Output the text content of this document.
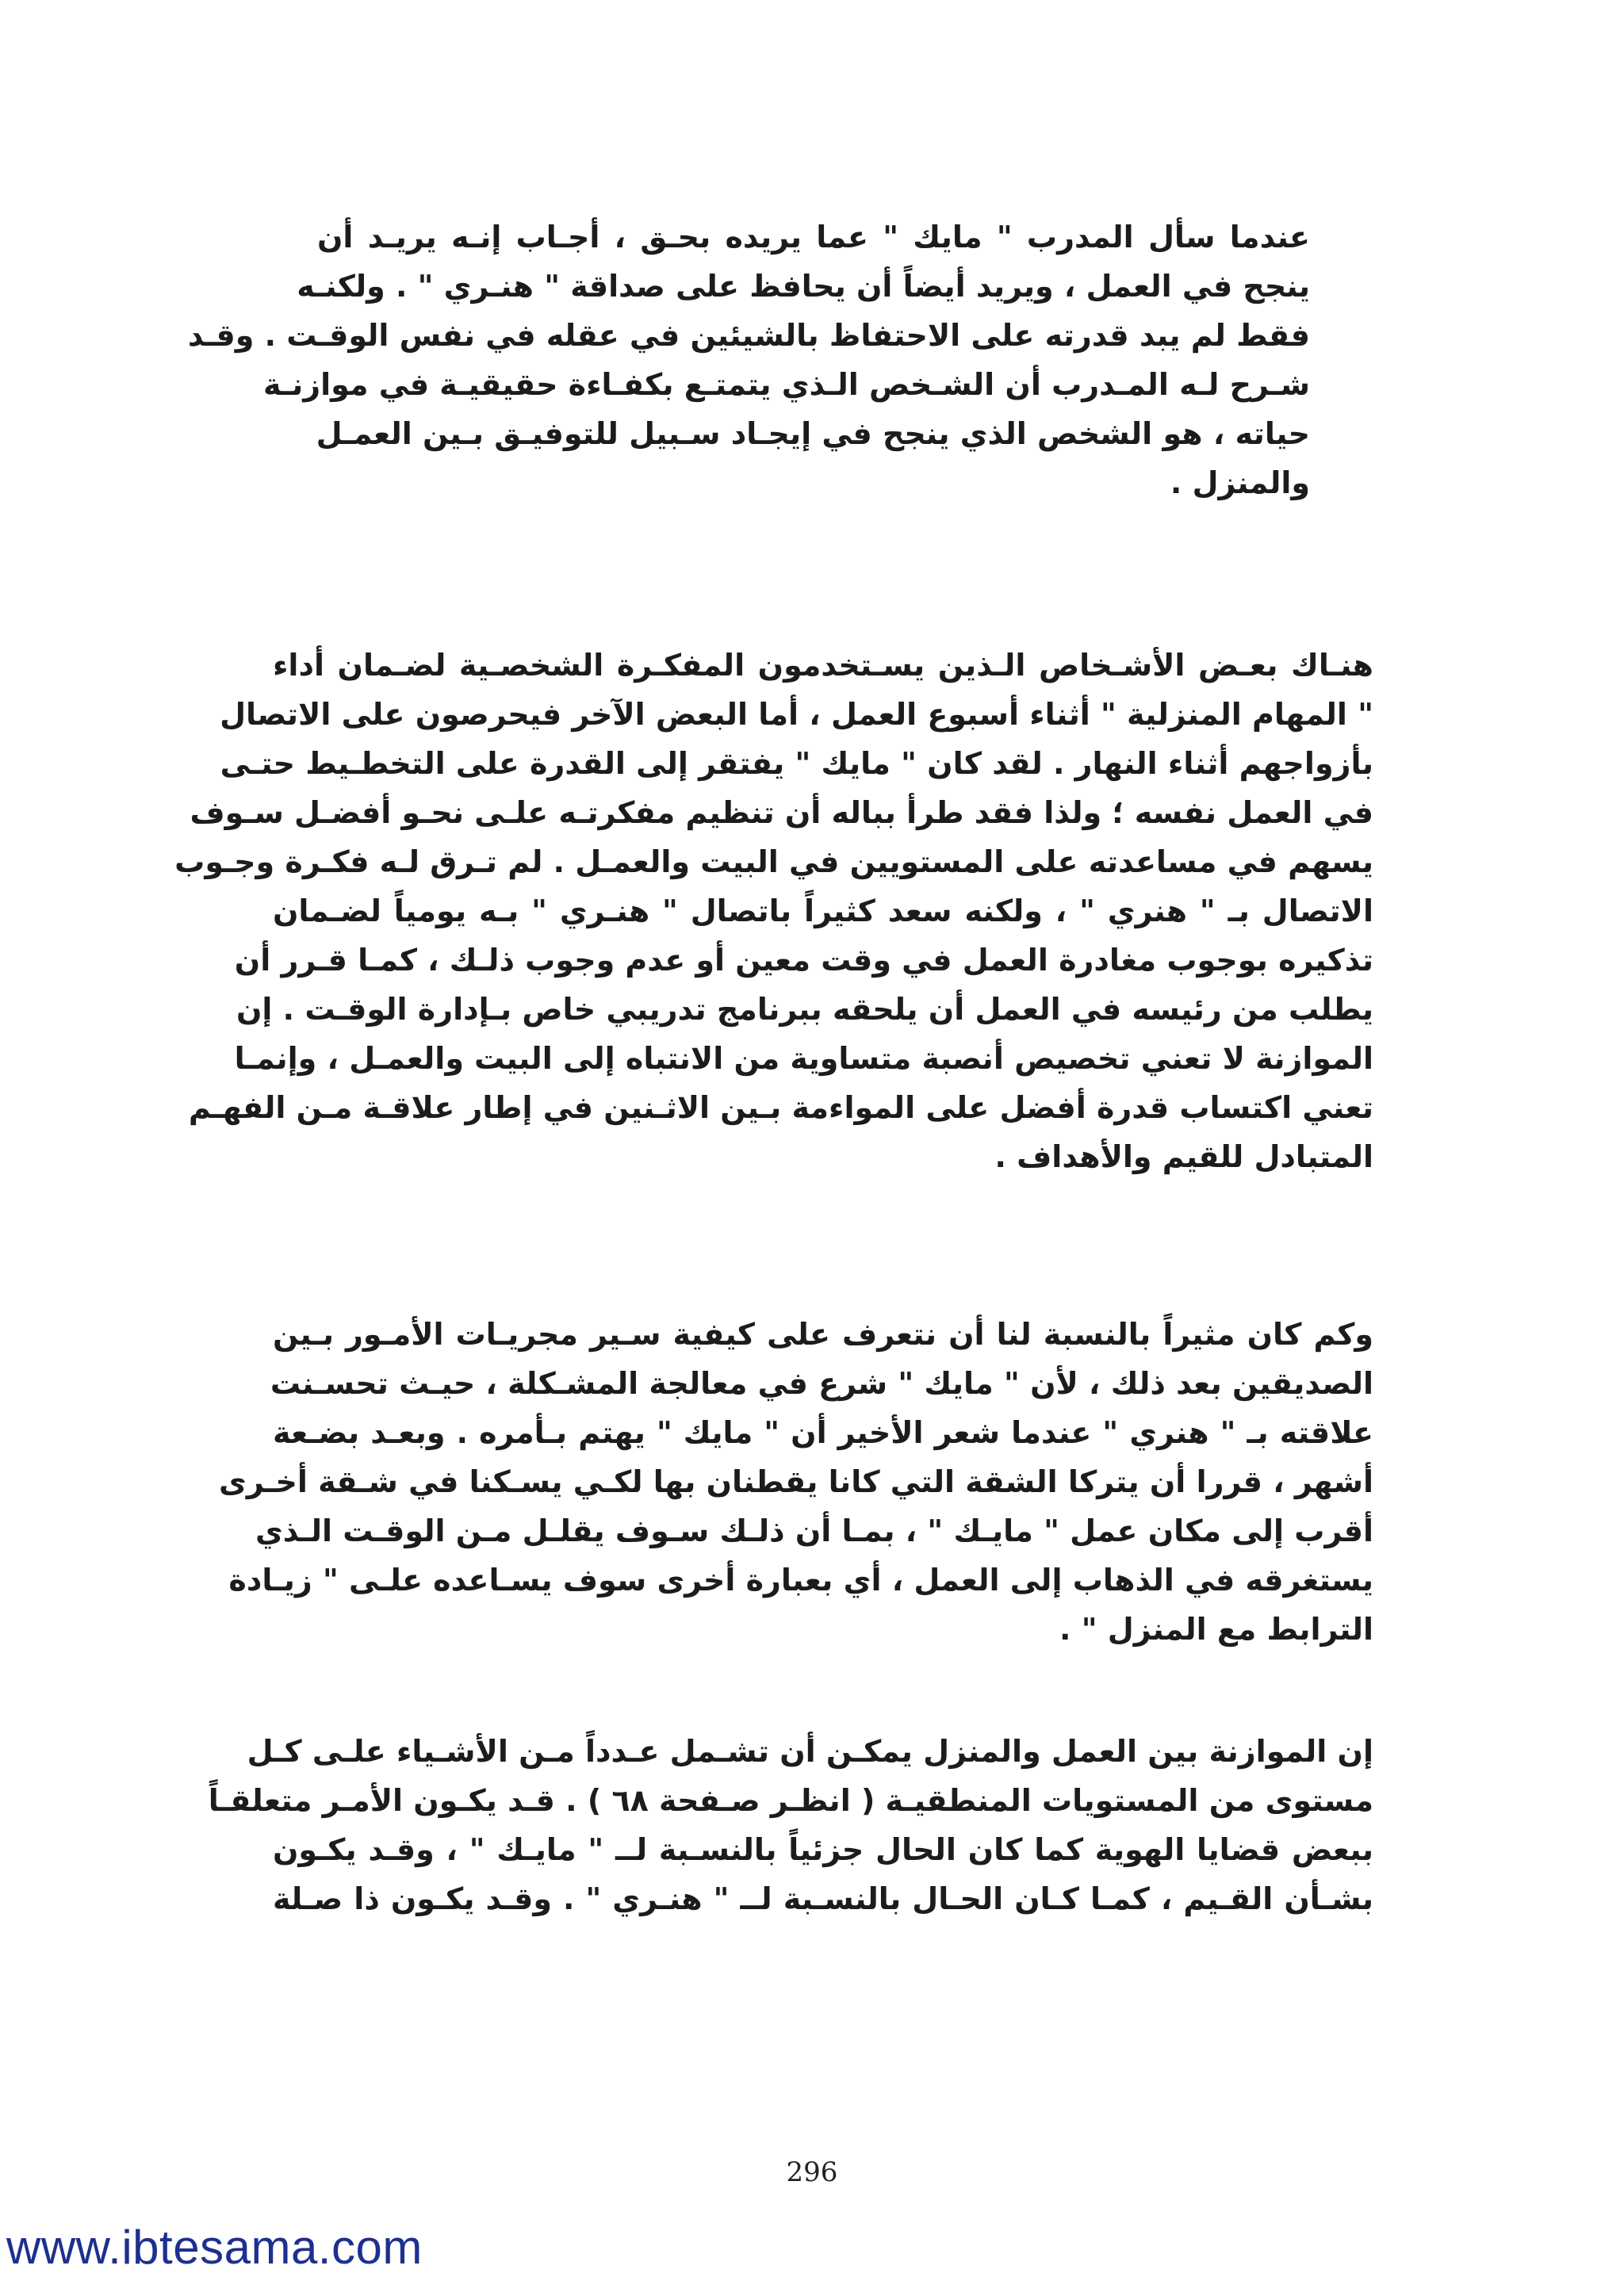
عندما سأل المدرب " مايك " عما يريده بحـق ، أجـاب إنـه يريـد أن
ينجح في العمل ، ويريد أيضاً أن يحافظ على صداقة " هنـري " . ولكنـه
فقط لم يبد قدرته على الاحتفاظ بالشيئين في عقله في نفس الوقـت . وقـد
شـرح لـه المـدرب أن الشـخص الـذي يتمتـع بكفـاءة حقيقيـة في موازنـة
حياته ، هو الشخص الذي ينجح في إيجـاد سـبيل للتوفيـق بـين العمـل
والمنزل .
هنـاك بعـض الأشـخاص الـذين يسـتخدمون المفكـرة الشخصـية لضـمان أداء
" المهام المنزلية " أثناء أسبوع العمل ، أما البعض الآخر فيحرصون على الاتصال
بأزواجهم أثناء النهار . لقد كان " مايك " يفتقر إلى القدرة على التخطـيط حتـى
في العمل نفسه ؛ ولذا فقد طرأ بباله أن تنظيم مفكرتـه علـى نحـو أفضـل سـوف
يسهم في مساعدته على المستويين في البيت والعمـل . لم تـرق لـه فكـرة وجـوب
الاتصال بـ " هنري " ، ولكنه سعد كثيراً باتصال " هنـري " بـه يومياً لضـمان
تذكيره بوجوب مغادرة العمل في وقت معين أو عدم وجوب ذلـك ، كمـا قـرر أن
يطلب من رئيسه في العمل أن يلحقه ببرنامج تدريبي خاص بـإدارة الوقـت . إن
الموازنة لا تعني تخصيص أنصبة متساوية من الانتباه إلى البيت والعمـل ، وإنمـا
تعني اكتساب قدرة أفضل على المواءمة بـين الاثـنين في إطار علاقـة مـن الفهـم
المتبادل للقيم والأهداف .
وكم كان مثيراً بالنسبة لنا أن نتعرف على كيفية سـير مجريـات الأمـور بـين
الصديقين بعد ذلك ، لأن " مايك " شرع في معالجة المشـكلة ، حيـث تحسـنت
علاقته بـ " هنري " عندما شعر الأخير أن " مايك " يهتم بـأمره . وبعـد بضـعة
أشهر ، قررا أن يتركا الشقة التي كانا يقطنان بها لكـي يسـكنا في شـقة أخـرى
أقرب إلى مكان عمل " مايـك " ، بمـا أن ذلـك سـوف يقلـل مـن الوقـت الـذي
يستغرقه في الذهاب إلى العمل ، أي بعبارة أخرى سوف يسـاعده علـى " زيـادة
الترابط مع المنزل " .
إن الموازنة بين العمل والمنزل يمكـن أن تشـمل عـدداً مـن الأشـياء علـى كـل
مستوى من المستويات المنطقيـة ( انظـر صـفحة ٦٨ ) . قـد يكـون الأمـر متعلقـاً
ببعض قضايا الهوية كما كان الحال جزئياً بالنسـبة لــ " مايـك " ، وقـد يكـون
بشـأن القـيم ، كمـا كـان الحـال بالنسـبة لــ " هنـري " . وقـد يكـون ذا صـلة
296
www.ibtesama.com
